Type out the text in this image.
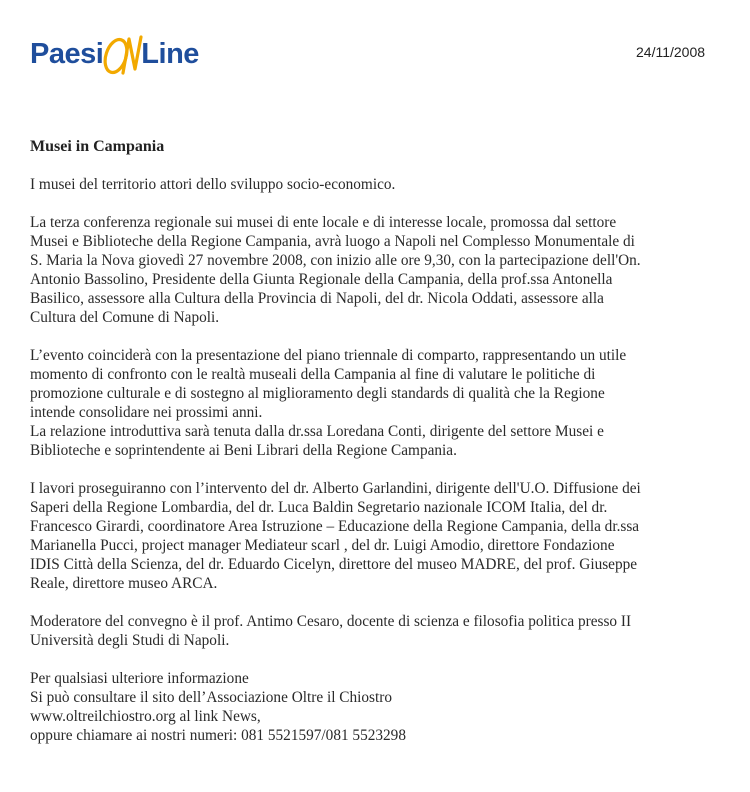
Paesi Line	24/11/2008
Musei in Campania

I musei del territorio attori dello sviluppo socio-economico.

La terza conferenza regionale sui musei di ente locale e di interesse locale, promossa dal settore

Musei e Biblioteche della Regione Campania, avrà luogo a Napoli nel Complesso Monumentale di

S. Maria la Nova giovedì 27 novembre 2008, con inizio alle ore 9,30, con la partecipazione dell'On.

Antonio Bassolino, Presidente della Giunta Regionale della Campania, della prof.ssa Antonella

Basilico, assessore alla Cultura della Provincia di Napoli, del dr. Nicola Oddati, assessore alla

Cultura del Comune di Napoli.

L’evento coinciderà con la presentazione del piano triennale di comparto, rappresentando un utile

momento di confronto con le realtà museali della Campania al fine di valutare le politiche di

promozione culturale e di sostegno al miglioramento degli standards di qualità che la Regione

intende consolidare nei prossimi anni.

La relazione introduttiva sarà tenuta dalla dr.ssa Loredana Conti, dirigente del settore Musei e

Biblioteche e soprintendente ai Beni Librari della Regione Campania.

I lavori proseguiranno con l’intervento del dr. Alberto Garlandini, dirigente dell'U.O. Diffusione dei

Saperi della Regione Lombardia, del dr. Luca Baldin Segretario nazionale ICOM Italia, del dr.

Francesco Girardi, coordinatore Area Istruzione – Educazione della Regione Campania, della dr.ssa

Marianella Pucci, project manager Mediateur scarl , del dr. Luigi Amodio, direttore Fondazione

IDIS Città della Scienza, del dr. Eduardo Cicelyn, direttore del museo MADRE, del prof. Giuseppe

Reale, direttore museo ARCA.

Moderatore del convegno è il prof. Antimo Cesaro, docente di scienza e filosofia politica presso II

Università degli Studi di Napoli.

Per qualsiasi ulteriore informazione

Si può consultare il sito dell’Associazione Oltre il Chiostro

www.oltreilchiostro.org al link News,

oppure chiamare ai nostri numeri: 081 5521597/081 5523298
